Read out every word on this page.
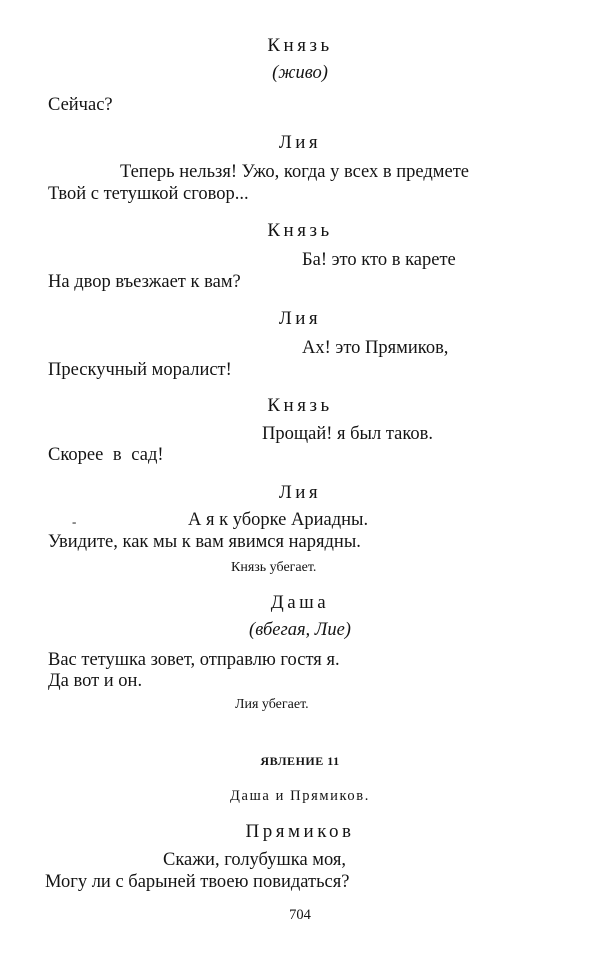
Князь
(живо)
Сейчас?
Лия
Теперь нельзя! Ужо, когда у всех в предмете
Твой с тетушкой сговор...
Князь
Ба! это кто в карете
На двор въезжает к вам?
Лия
Ах! это Прямиков,
Прескучный моралист!
Князь
Прощай! я был таков.
Скорее в сад!
Лия
-	А я к уборке Ариадны.
Увидите, как мы к вам явимся нарядны.
Князь убегает.
Даша
(вбегая, Лие)
Вас тетушка зовет, отправлю гостя я.
Да вот и он.
Лия убегает.
ЯВЛЕНИЕ 11
Даша и Прямиков.
Прямиков
Скажи, голубушка моя,
Могу ли с барыней твоею повидаться?
704
